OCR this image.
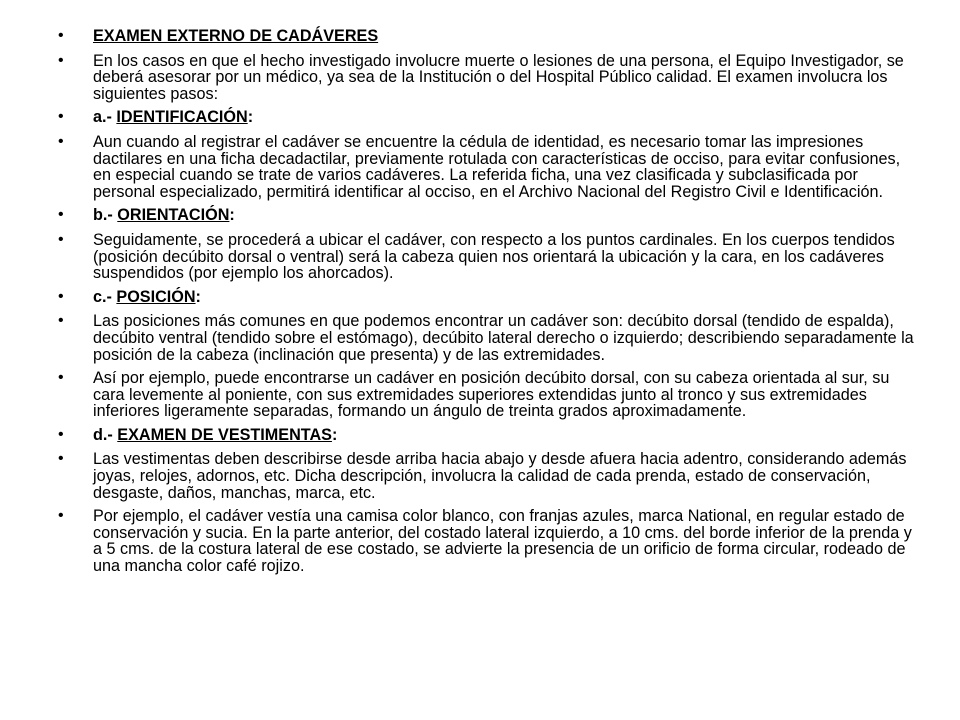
• EXAMEN EXTERNO DE CADÁVERES
• En los casos en que el hecho investigado involucre muerte o lesiones de una persona, el Equipo Investigador, se deberá asesorar por un médico, ya sea de la Institución o del Hospital Público calidad. El examen involucra los siguientes pasos:
• a.- IDENTIFICACIÓN:
• Aun cuando al registrar el cadáver se encuentre la cédula de identidad, es necesario tomar las impresiones dactilares en una ficha decadactilar, previamente rotulada con características de occiso, para evitar confusiones, en especial cuando se trate de varios cadáveres. La referida ficha, una vez clasificada y subclasificada por personal especializado, permitirá identificar al occiso, en el Archivo Nacional del Registro Civil e Identificación.
• b.- ORIENTACIÓN:
• Seguidamente, se procederá a ubicar el cadáver, con respecto a los puntos cardinales. En los cuerpos tendidos (posición decúbito dorsal o ventral) será la cabeza quien nos orientará la ubicación y la cara, en los cadáveres suspendidos (por ejemplo los ahorcados).
• c.- POSICIÓN:
• Las posiciones más comunes en que podemos encontrar un cadáver son: decúbito dorsal (tendido de espalda), decúbito ventral (tendido sobre el estómago), decúbito lateral derecho o izquierdo; describiendo separadamente la posición de la cabeza (inclinación que presenta) y de las extremidades.
• Así por ejemplo, puede encontrarse un cadáver en posición decúbito dorsal, con su cabeza orientada al sur, su cara levemente al poniente, con sus extremidades superiores extendidas junto al tronco y sus extremidades inferiores ligeramente separadas, formando un ángulo de treinta grados aproximadamente.
• d.- EXAMEN DE VESTIMENTAS:
• Las vestimentas deben describirse desde arriba hacia abajo y desde afuera hacia adentro, considerando además joyas, relojes, adornos, etc. Dicha descripción, involucra la calidad de cada prenda, estado de conservación, desgaste, daños, manchas, marca, etc.
• Por ejemplo, el cadáver vestía una camisa color blanco, con franjas azules, marca National, en regular estado de conservación y sucia. En la parte anterior, del costado lateral izquierdo, a 10 cms. del borde inferior de la prenda y a 5 cms. de la costura lateral de ese costado, se advierte la presencia de un orificio de forma circular, rodeado de una mancha color café rojizo.
